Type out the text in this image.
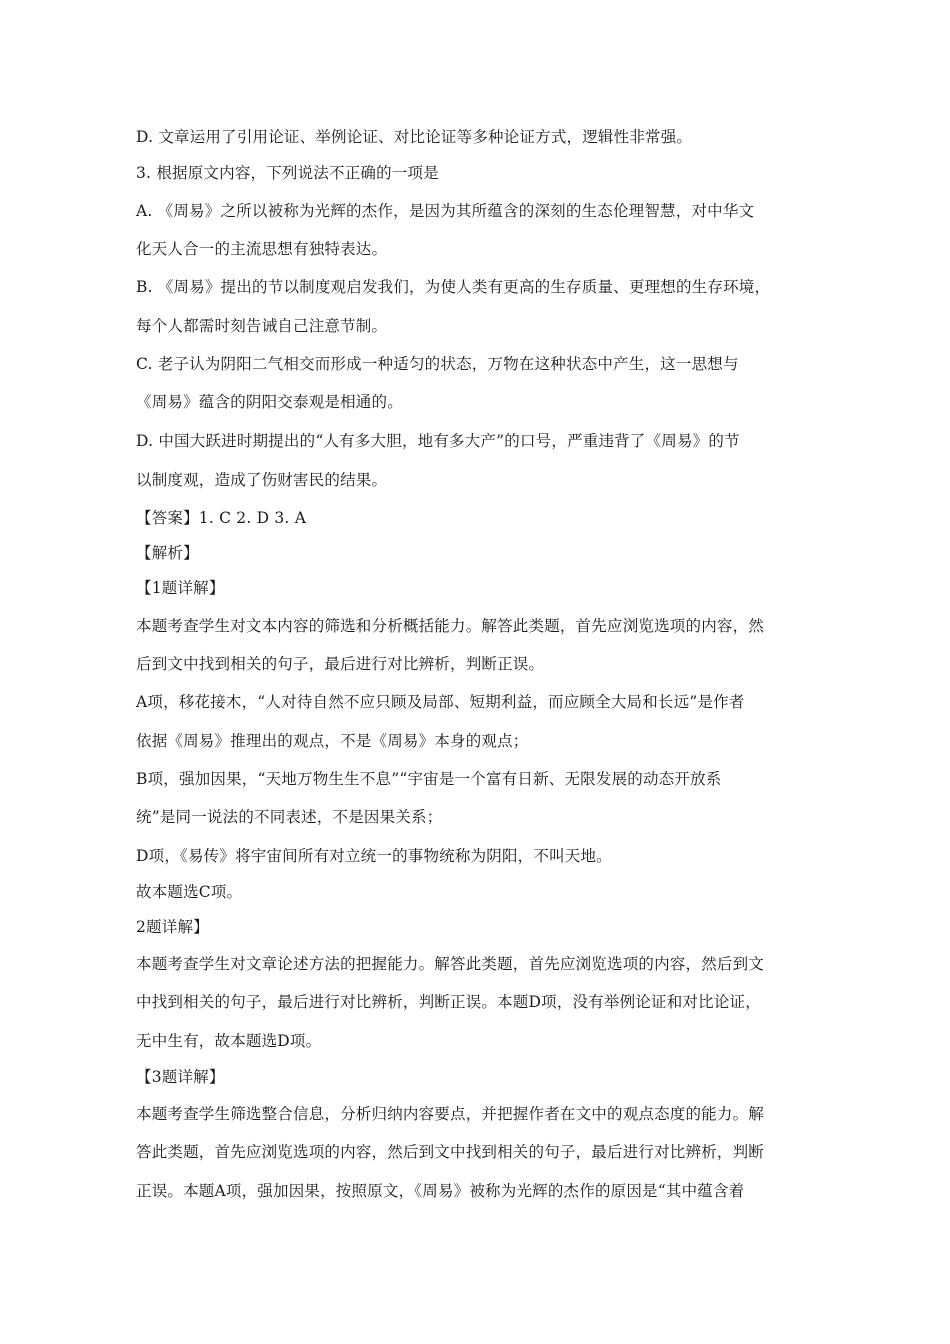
D. 文章运用了引用论证、举例论证、对比论证等多种论证方式，逻辑性非常强。
3. 根据原文内容，下列说法不正确的一项是
A. 《周易》之所以被称为光辉的杰作，是因为其所蕴含的深刻的生态伦理智慧，对中华文
化天人合一的主流思想有独特表达。
B. 《周易》提出的节以制度观启发我们，为使人类有更高的生存质量、更理想的生存环境，
每个人都需时刻告诫自己注意节制。
C. 老子认为阴阳二气相交而形成一种适匀的状态，万物在这种状态中产生，这一思想与
《周易》蕴含的阴阳交泰观是相通的。
D. 中国大跃进时期提出的“人有多大胆，地有多大产”的口号，严重违背了《周易》的节
以制度观，造成了伤财害民的结果。
【答案】1. C 2. D 3. A
【解析】
【1题详解】
本题考查学生对文本内容的筛选和分析概括能力。解答此类题，首先应浏览选项的内容，然
后到文中找到相关的句子，最后进行对比辨析，判断正误。
A项，移花接木，“人对待自然不应只顾及局部、短期利益，而应顾全大局和长远”是作者
依据《周易》推理出的观点，不是《周易》本身的观点；
B项，强加因果，“天地万物生生不息”“宇宙是一个富有日新、无限发展的动态开放系
统”是同一说法的不同表述，不是因果关系；
D项，《易传》将宇宙间所有对立统一的事物统称为阴阳，不叫天地。
故本题选C项。
2题详解】
本题考查学生对文章论述方法的把握能力。解答此类题，首先应浏览选项的内容，然后到文
中找到相关的句子，最后进行对比辨析，判断正误。本题D项，没有举例论证和对比论证，
无中生有，故本题选D项。
【3题详解】
本题考查学生筛选整合信息，分析归纳内容要点，并把握作者在文中的观点态度的能力。解
答此类题，首先应浏览选项的内容，然后到文中找到相关的句子，最后进行对比辨析，判断
正误。本题A项，强加因果，按照原文，《周易》被称为光辉的杰作的原因是“其中蕴含着
